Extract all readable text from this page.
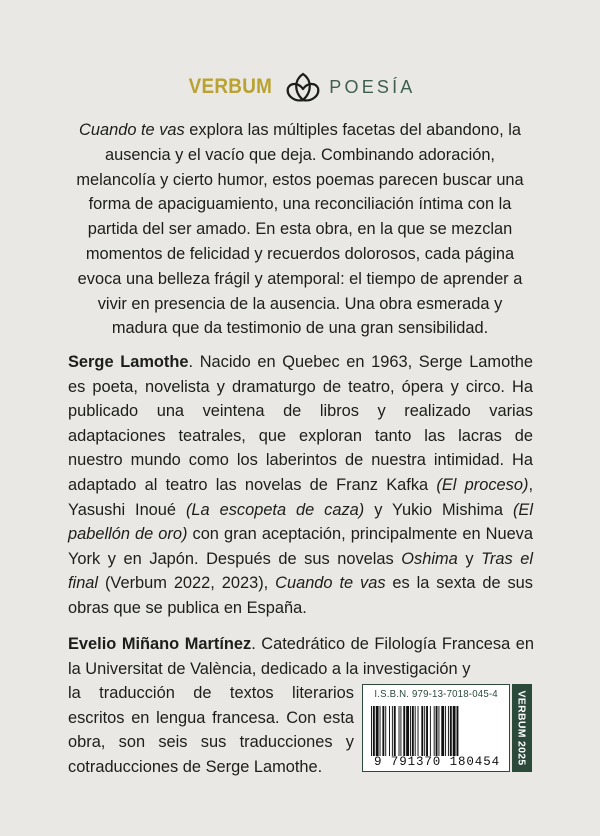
VERBUM	POESÍA

Cuando te vas explora las múltiples facetas del abandono, la ausencia y el vacío que deja. Combinando adoración, melancolía y cierto humor, estos poemas parecen buscar una forma de apaciguamiento, una reconciliación íntima con la partida del ser amado. En esta obra, en la que se mezclan momentos de felicidad y recuerdos dolorosos, cada página evoca una belleza frágil y atemporal: el tiempo de aprender a vivir en presencia de la ausencia. Una obra esmerada y madura que da testimonio de una gran sensibilidad.

Serge Lamothe. Nacido en Quebec en 1963, Serge Lamothe es poeta, novelista y dramaturgo de teatro, ópera y circo. Ha publicado una veintena de libros y realizado varias adaptaciones teatrales, que exploran tanto las lacras de nuestro mundo como los laberintos de nuestra intimidad. Ha adaptado al teatro las novelas de Franz Kafka (El proceso), Yasushi Inoué (La escopeta de caza) y Yukio Mishima (El pabellón de oro) con gran aceptación, principalmente en Nueva York y en Japón. Después de sus novelas Oshima y Tras el final (Verbum 2022, 2023), Cuando te vas es la sexta de sus obras que se publica en España.

Evelio Miñano Martínez. Catedrático de Filología Francesa en la Universitat de València, dedicado a la investigación y

la traducción de textos literarios escritos en lengua francesa. Con esta obra, son seis sus traducciones y cotraducciones de Serge Lamothe.

I.S.B.N. 979-13-7018-045-4
9 791370 180454	VERBUM 2025
